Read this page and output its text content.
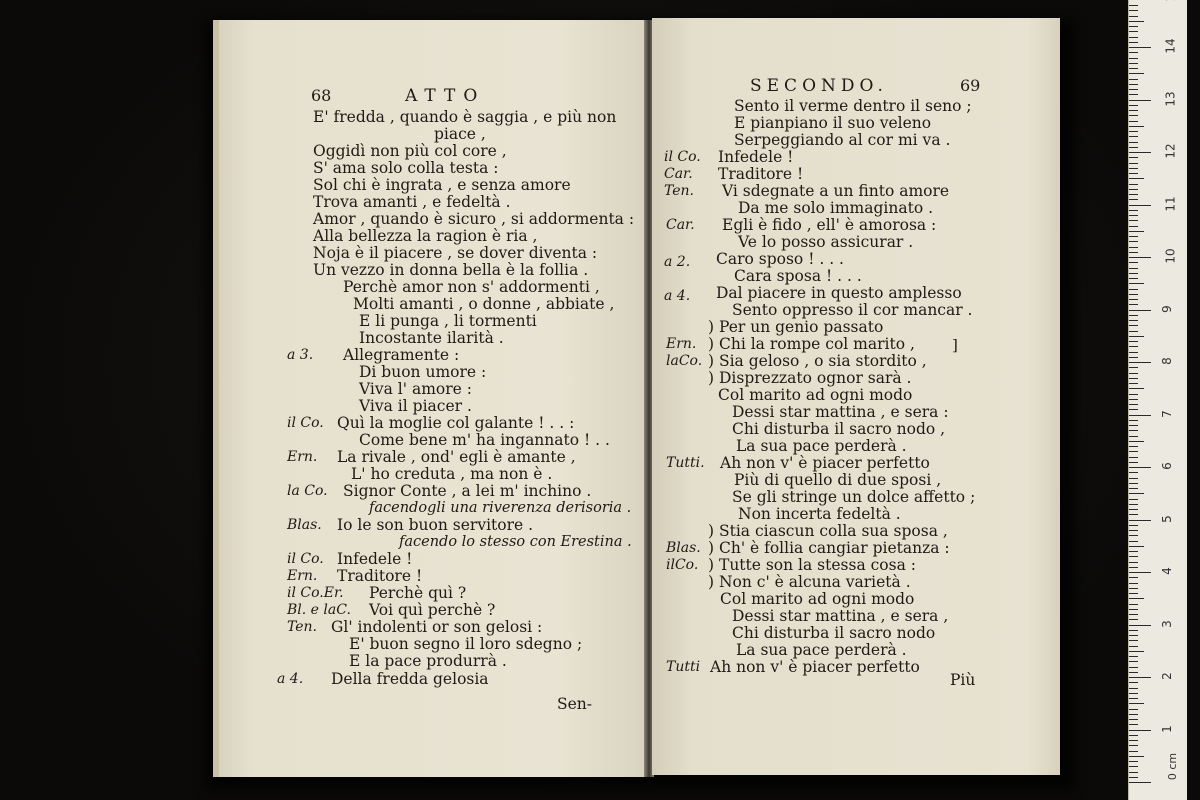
68	ATTO
E' fredda , quando è saggia , e più non
piace ,
Oggidì non più col core ,
S' ama solo colla testa :
Sol chi è ingrata , e senza amore
Trova amanti , e fedeltà .
Amor , quando è sicuro , si addormenta :
Alla bellezza la ragion è ria ,
Noja è il piacere , se dover diventa :
Un vezzo in donna bella è la follia .
Perchè amor non s' addormenti ,
Molti amanti , o donne , abbiate ,
E li punga , li tormenti
Incostante ilarità .
a 3. Allegramente :
Di buon umore :
Viva l' amore :
Viva il piacer .
il Co. Quì la moglie col galante ! . . :
Come bene m' ha ingannato ! . .
Ern. La rivale , ond' egli è amante ,
L' ho creduta , ma non è .
la Co. Signor Conte , a lei m' inchino .
facendogli una riverenza derisoria .
Blas. Io le son buon servitore .
facendo lo stesso con Erestina .
il Co. Infedele !
Ern. Traditore !
il Co.Er. Perchè quì ?
Bl. e laC. Voi quì perchè ?
Ten. Gl' indolenti or son gelosi :
E' buon segno il loro sdegno ;
E la pace produrrà .
a 4. Della fredda gelosia
Sen-
SECONDO.	69
Sento il verme dentro il seno ;
E pianpiano il suo veleno
Serpeggiando al cor mi va .
il Co. Infedele !
Car. Traditore !
Ten. Vi sdegnate a un finto amore
Da me solo immaginato .
Car. Egli è fido , ell' è amorosa :
Ve lo posso assicurar .
a 2. Caro sposo ! . . .
Cara sposa ! . . .
a 4. Dal piacere in questo amplesso
Sento oppresso il cor mancar .
) Per un genio passato
Ern. ) Chi la rompe col marito ,
laCo. ) Sia geloso , o sia stordito ,
) Disprezzato ognor sarà .
]
Col marito ad ogni modo
Dessi star mattina , e sera :
Chi disturba il sacro nodo ,
La sua pace perderà .
Tutti. Ah non v' è piacer perfetto
Più di quello di due sposi ,
Se gli stringe un dolce affetto ;
Non incerta fedeltà .
) Stia ciascun colla sua sposa ,
Blas. ) Ch' è follia cangiar pietanza :
ilCo. ) Tutte son la stessa cosa :
) Non c' è alcuna varietà .
Col marito ad ogni modo
Dessi star mattina , e sera ,
Chi disturba il sacro nodo
La sua pace perderà .
Tutti Ah non v' è piacer perfetto
Più
0 cm
14
13
12
11
10
9
8
7
6
5
4
3
2
1
